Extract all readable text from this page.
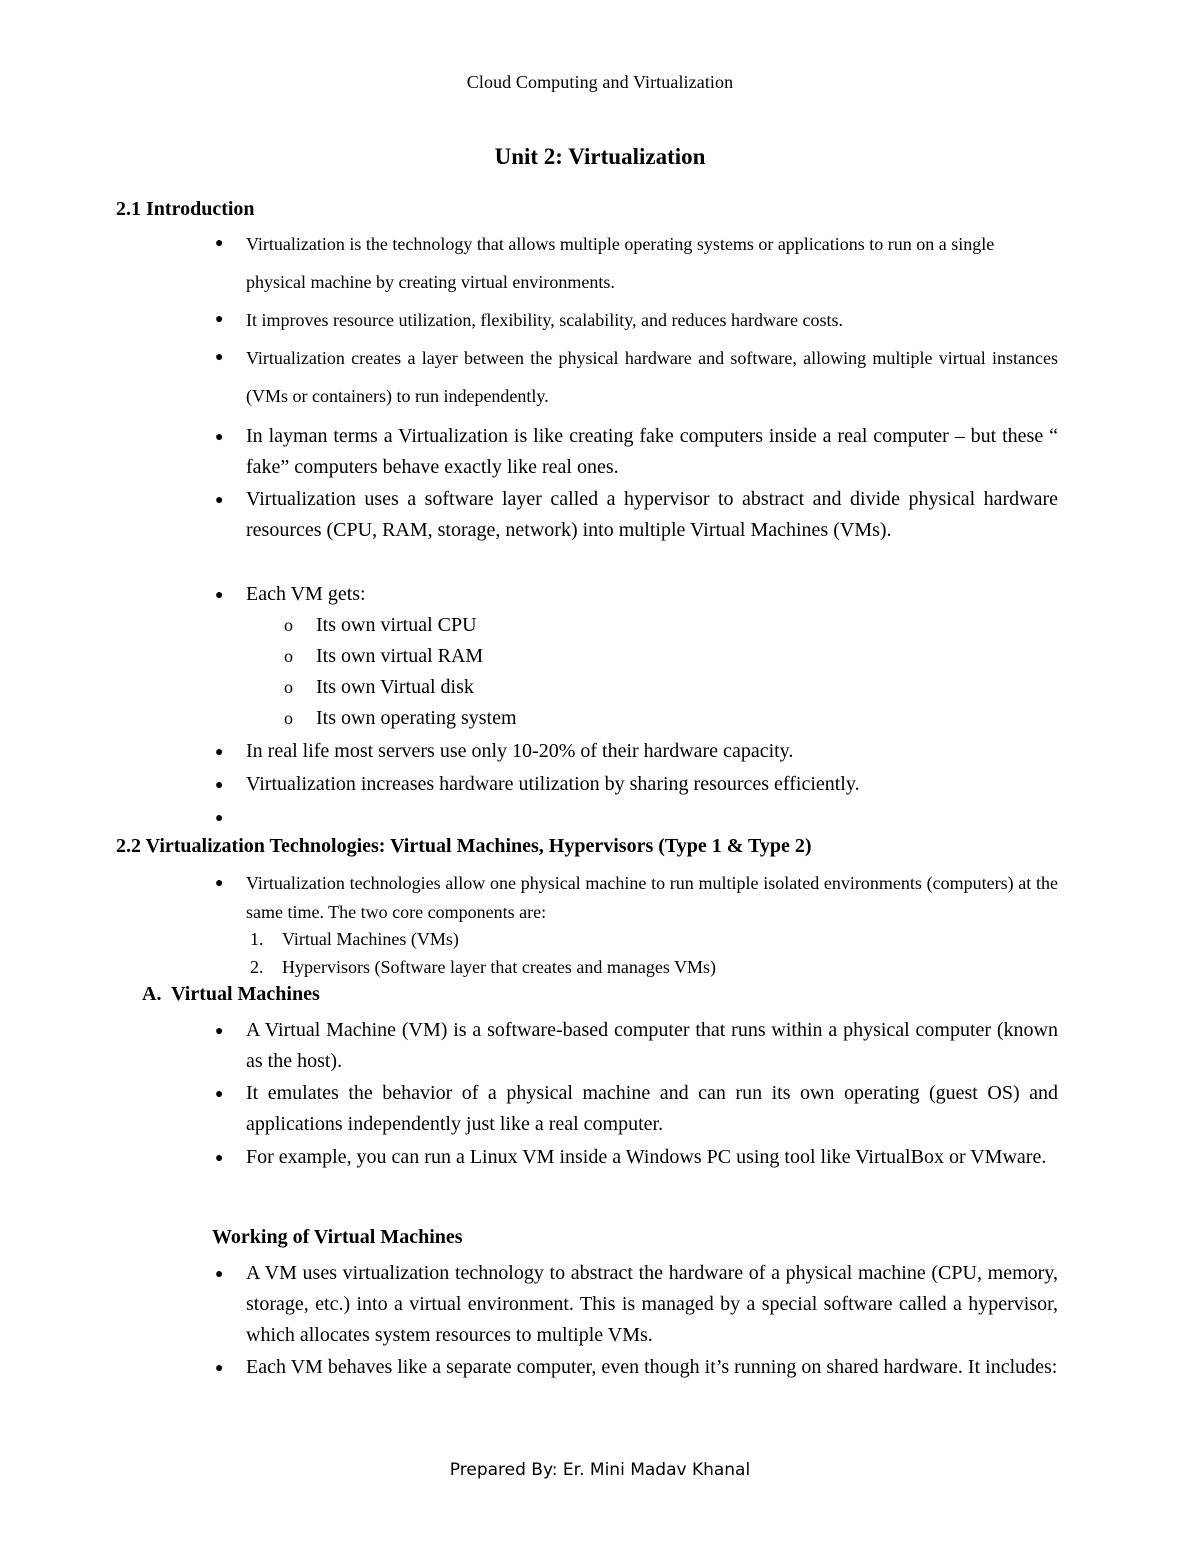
Cloud Computing and Virtualization
Unit 2: Virtualization
2.1 Introduction
● Virtualization is the technology that allows multiple operating systems or applications to run on a single physical machine by creating virtual environments.
● It improves resource utilization, flexibility, scalability, and reduces hardware costs.
● Virtualization creates a layer between the physical hardware and software, allowing multiple virtual instances (VMs or containers) to run independently.
● In layman terms a Virtualization is like creating fake computers inside a real computer – but these “ fake” computers behave exactly like real ones.
● Virtualization uses a software layer called a hypervisor to abstract and divide physical hardware resources (CPU, RAM, storage, network) into multiple Virtual Machines (VMs).
● Each VM gets:
o Its own virtual CPU
o Its own virtual RAM
o Its own Virtual disk
o Its own operating system
● In real life most servers use only 10-20% of their hardware capacity.
● Virtualization increases hardware utilization by sharing resources efficiently.
●
2.2 Virtualization Technologies: Virtual Machines, Hypervisors (Type 1 & Type 2)
● Virtualization technologies allow one physical machine to run multiple isolated environments (computers) at the same time. The two core components are:
1. Virtual Machines (VMs)
2. Hypervisors (Software layer that creates and manages VMs)
A.  Virtual Machines
● A Virtual Machine (VM) is a software-based computer that runs within a physical computer (known as the host).
● It emulates the behavior of a physical machine and can run its own operating (guest OS) and applications independently just like a real computer.
● For example, you can run a Linux VM inside a Windows PC using tool like VirtualBox or VMware.
Working of Virtual Machines
● A VM uses virtualization technology to abstract the hardware of a physical machine (CPU, memory, storage, etc.) into a virtual environment. This is managed by a special software called a hypervisor, which allocates system resources to multiple VMs.
● Each VM behaves like a separate computer, even though it’s running on shared hardware. It includes:
Prepared By: Er. Mini Madav Khanal
